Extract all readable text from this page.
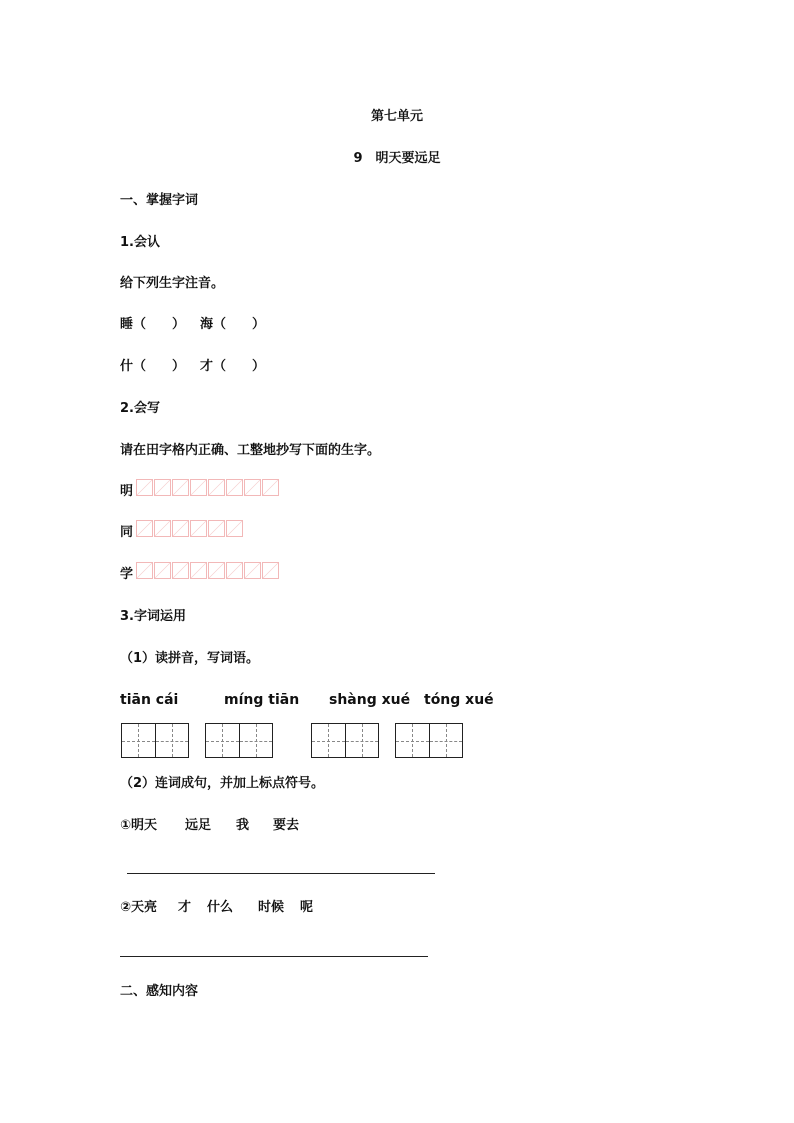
第七单元
9　明天要远足
一、掌握字词
1.会认
给下列生字注音。
睡（　　） 海（　　）
什（　　） 才（　　）
2.会写
请在田字格内正确、工整地抄写下面的生字。
明
同
学
3.字词运用
（1）读拼音，写词语。
tiān cái	míng tiān shàng xué tóng xué
（2）连词成句，并加上标点符号。
①明天 远足 我 要去
②天亮 才 什么 时候 呢
二、感知内容
